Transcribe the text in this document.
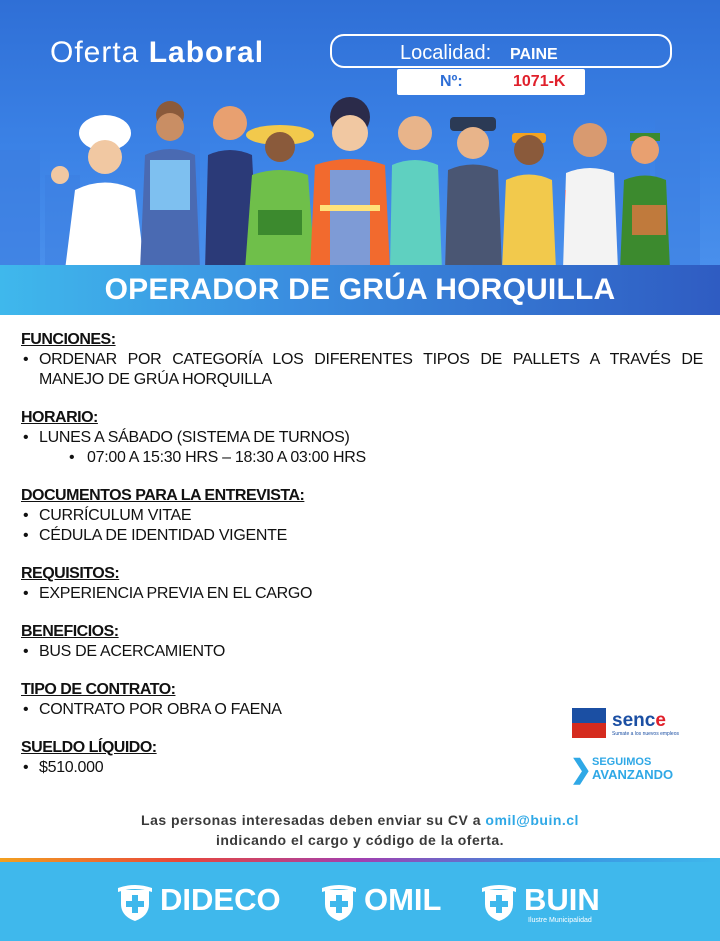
Oferta Laboral	Localidad: PAINE
Nº:	1071-K
OPERADOR DE GRÚA HORQUILLA
FUNCIONES:
• ORDENAR POR CATEGORÍA LOS DIFERENTES TIPOS DE PALLETS A TRAVÉS DE MANEJO DE GRÚA HORQUILLA
HORARIO:
• LUNES A SÁBADO (SISTEMA DE TURNOS)
• 07:00 A 15:30 HRS – 18:30 A 03:00 HRS
DOCUMENTOS PARA LA ENTREVISTA:
• CURRÍCULUM VITAE
• CÉDULA DE IDENTIDAD VIGENTE
REQUISITOS:
• EXPERIENCIA PREVIA EN EL CARGO
BENEFICIOS:
• BUS DE ACERCAMIENTO
TIPO DE CONTRATO:
• CONTRATO POR OBRA O FAENA
SUELDO LÍQUIDO:
• $510.000
sence
Sumate a los nuevos empleos
❯ SEGUIMOS
AVANZANDO
Las personas interesadas deben enviar su CV a omil@buin.cl
indicando el cargo y código de la oferta.
DIDECO	OMIL	BUIN
Ilustre Municipalidad
